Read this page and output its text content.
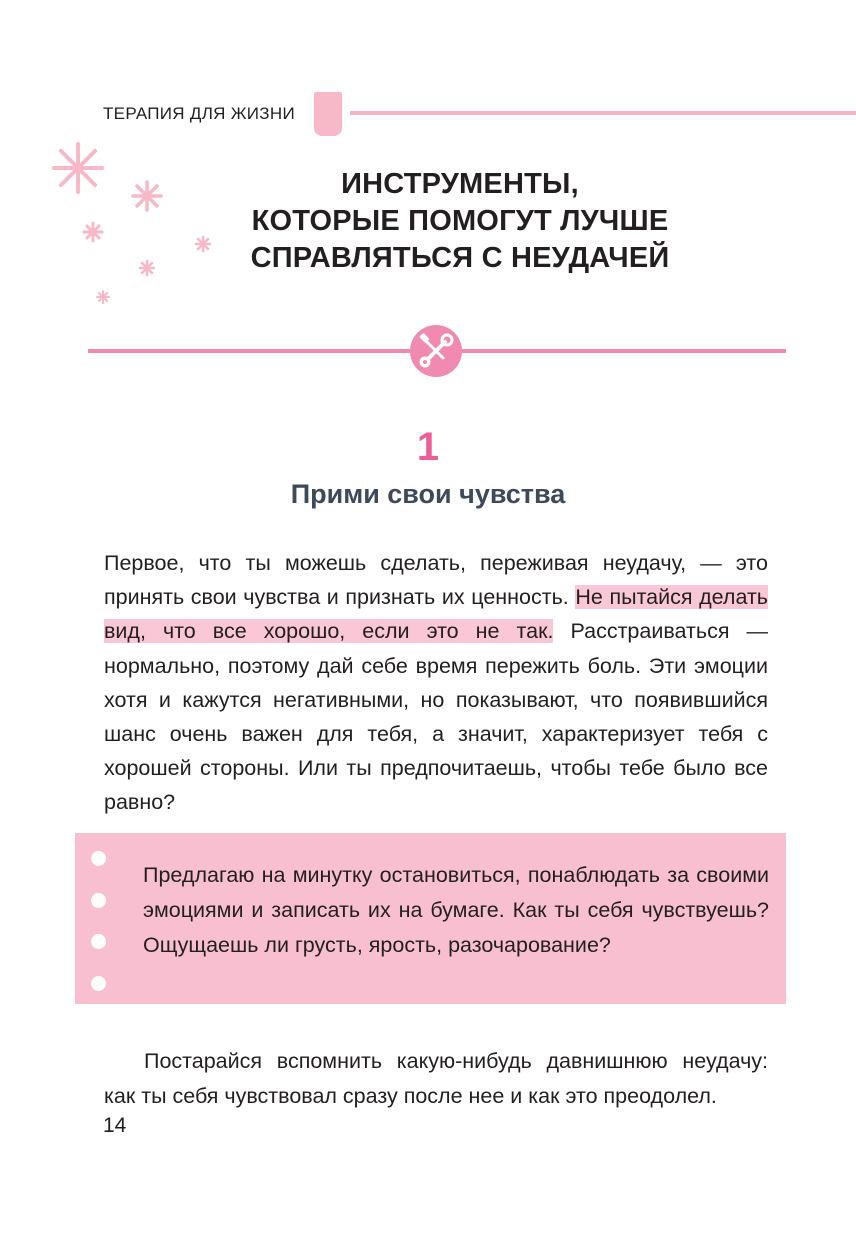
ТЕРАПИЯ ДЛЯ ЖИЗНИ
ИНСТРУМЕНТЫ,
КОТОРЫЕ ПОМОГУТ ЛУЧШЕ
СПРАВЛЯТЬСЯ С НЕУДАЧЕЙ
1
Прими свои чувства
Первое, что ты можешь сделать, переживая неудачу, — это принять свои чувства и признать их ценность. Не пытайся делать вид, что все хорошо, если это не так. Расстраиваться — нормально, поэтому дай себе время пережить боль. Эти эмоции хотя и кажутся негативными, но показывают, что появившийся шанс очень важен для тебя, а значит, характеризует тебя с хорошей стороны. Или ты предпочитаешь, чтобы тебе было все равно?
Предлагаю на минутку остановиться, понаблюдать за своими эмоциями и записать их на бумаге. Как ты себя чувствуешь? Ощущаешь ли грусть, ярость, разочарование?
Постарайся вспомнить какую-нибудь давнишнюю неудачу: как ты себя чувствовал сразу после нее и как это преодолел.
14
